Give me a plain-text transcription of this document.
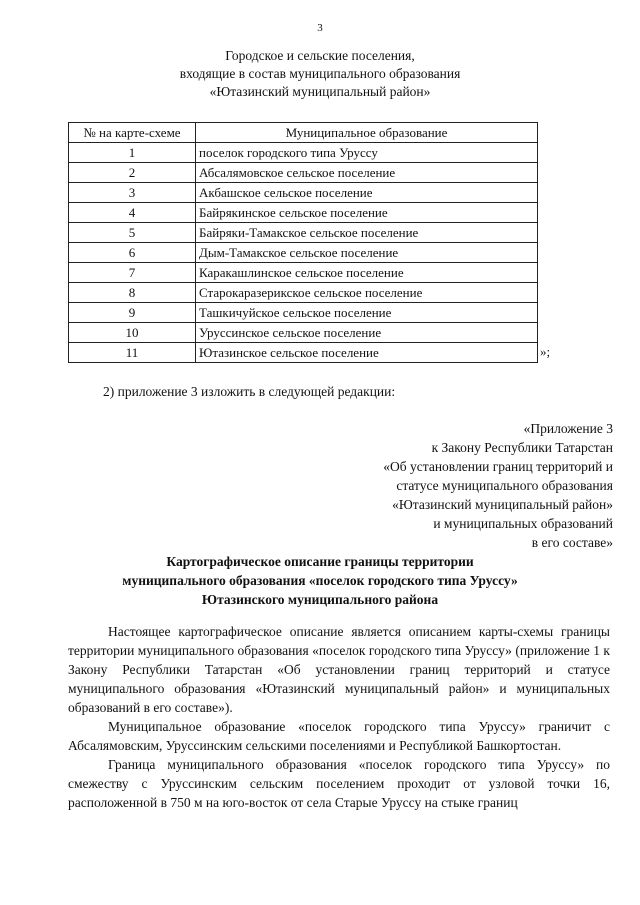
3
Городское и сельские поселения,
входящие в состав муниципального образования
«Ютазинский муниципальный район»
№ на карте-схеме	Муниципальное образование
1	поселок городского типа Уруссу
2	Абсалямовское сельское поселение
3	Акбашское сельское поселение
4	Байрякинское сельское поселение
5	Байряки-Тамакское сельское поселение
6	Дым-Тамакское сельское поселение
7	Каракашлинское сельское поселение
8	Старокаразерикское сельское поселение
9	Ташкичуйское сельское поселение
10	Уруссинское сельское поселение
11	Ютазинское сельское поселение	»;
2) приложение 3 изложить в следующей редакции:
«Приложение 3
к Закону Республики Татарстан
«Об установлении границ территорий и
статусе муниципального образования
«Ютазинский муниципальный район»
и муниципальных образований
в его составе»
Картографическое описание границы территории
муниципального образования «поселок городского типа Уруссу»
Ютазинского муниципального района

Настоящее картографическое описание является описанием карты-схемы границы территории муниципального образования «поселок городского типа Уруссу» (приложение 1 к Закону Республики Татарстан «Об установлении границ территорий и статусе муниципального образования «Ютазинский муниципальный район» и муниципальных образований в его составе»).

Муниципальное образование «поселок городского типа Уруссу» граничит с Абсалямовским, Уруссинским сельскими поселениями и Республикой Башкортостан.

Граница муниципального образования «поселок городского типа Уруссу» по смежеству с Уруссинским сельским поселением проходит от узловой точки 16, расположенной в 750 м на юго-восток от села Старые Уруссу на стыке границ
